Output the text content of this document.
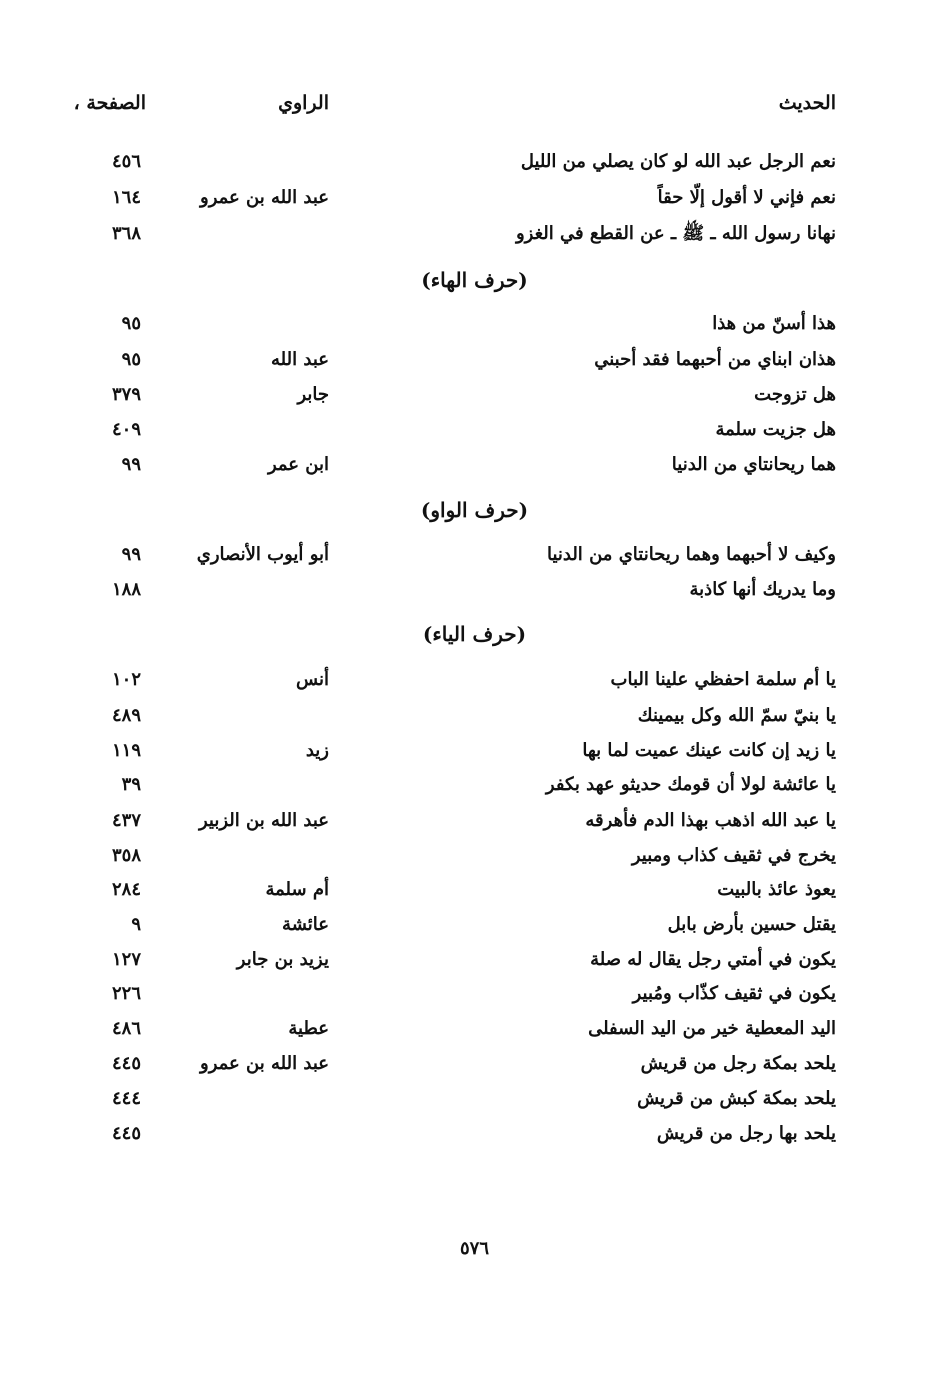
الحديث
الراوي
الصفحة ،
نعم الرجل عبد الله لو كان يصلي من الليل
٤٥٦
نعم فإني لا أقول إلّا حقاً
عبد الله بن عمرو
١٦٤
نهانا رسول الله ـ ﷺ ـ عن القطع في الغزو
٣٦٨
(حرف الهاء)
هذا أسنّ من هذا
٩٥
هذان ابناي من أحبهما فقد أحبني
عبد الله
٩٥
هل تزوجت
جابر
٣٧٩
هل جزيت سلمة
٤٠٩
هما ريحانتاي من الدنيا
ابن عمر
٩٩
(حرف الواو)
وكيف لا أحبهما وهما ريحانتاي من الدنيا
أبو أيوب الأنصاري
٩٩
وما يدريك أنها كاذبة
١٨٨
(حرف الياء)
يا أم سلمة احفظي علينا الباب
أنس
١٠٢
يا بنيّ سمّ الله وكل بيمينك
٤٨٩
يا زيد إن كانت عينك عميت لما بها
زيد
١١٩
يا عائشة لولا أن قومك حديثو عهد بكفر
٣٩
يا عبد الله اذهب بهذا الدم فأهرقه
عبد الله بن الزبير
٤٣٧
يخرج في ثقيف كذاب ومبير
٣٥٨
يعوذ عائذ بالبيت
أم سلمة
٢٨٤
يقتل حسين بأرض بابل
عائشة
٩
يكون في أمتي رجل يقال له صلة
يزيد بن جابر
١٢٧
يكون في ثقيف كذّاب ومُبير
٢٢٦
اليد المعطية خير من اليد السفلى
عطية
٤٨٦
يلحد بمكة رجل من قريش
عبد الله بن عمرو
٤٤٥
يلحد بمكة كبش من قريش
٤٤٤
يلحد بها رجل من قريش
٤٤٥
٥٧٦
